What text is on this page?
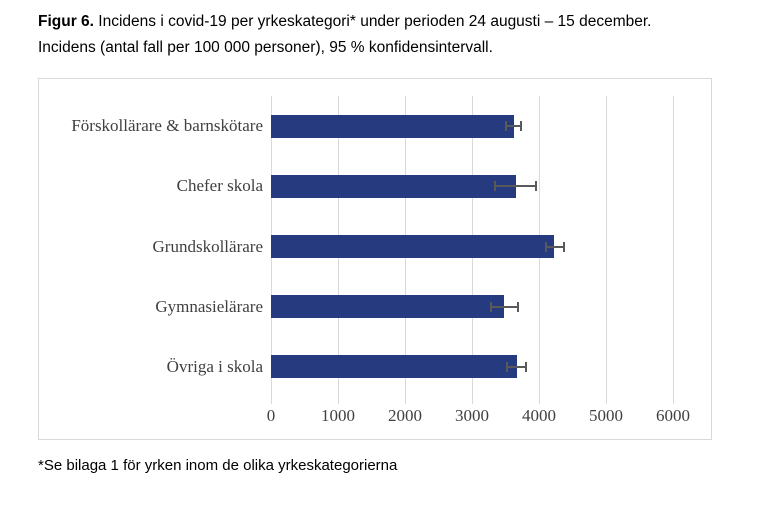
Figur 6. Incidens i covid-19 per yrkeskategori* under perioden 24 augusti – 15 december.
Incidens (antal fall per 100 000 personer), 95 % konfidensintervall.
0	1000	2000	3000	4000	5000	6000
Förskollärare & barnskötare
Chefer skola
Grundskollärare
Gymnasielärare
Övriga i skola
*Se bilaga 1 för yrken inom de olika yrkeskategorierna
